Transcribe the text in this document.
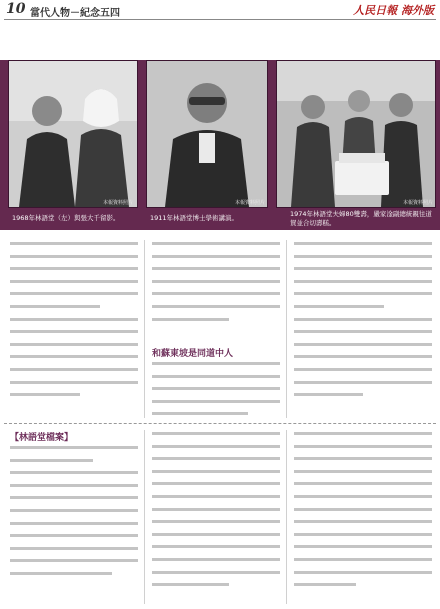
10 當代人物－紀念五四	人民日報 海外版
本報資料照片	本報資料照片	本報資料照片
1968年林語堂（左）與張大千留影。	1911年林語堂博士學術講演。	1974年林語堂夫婦80雙壽，嚴家淦副總統親往道賀並合切壽糕。
和蘇東坡是同道中人
【林語堂檔案】
